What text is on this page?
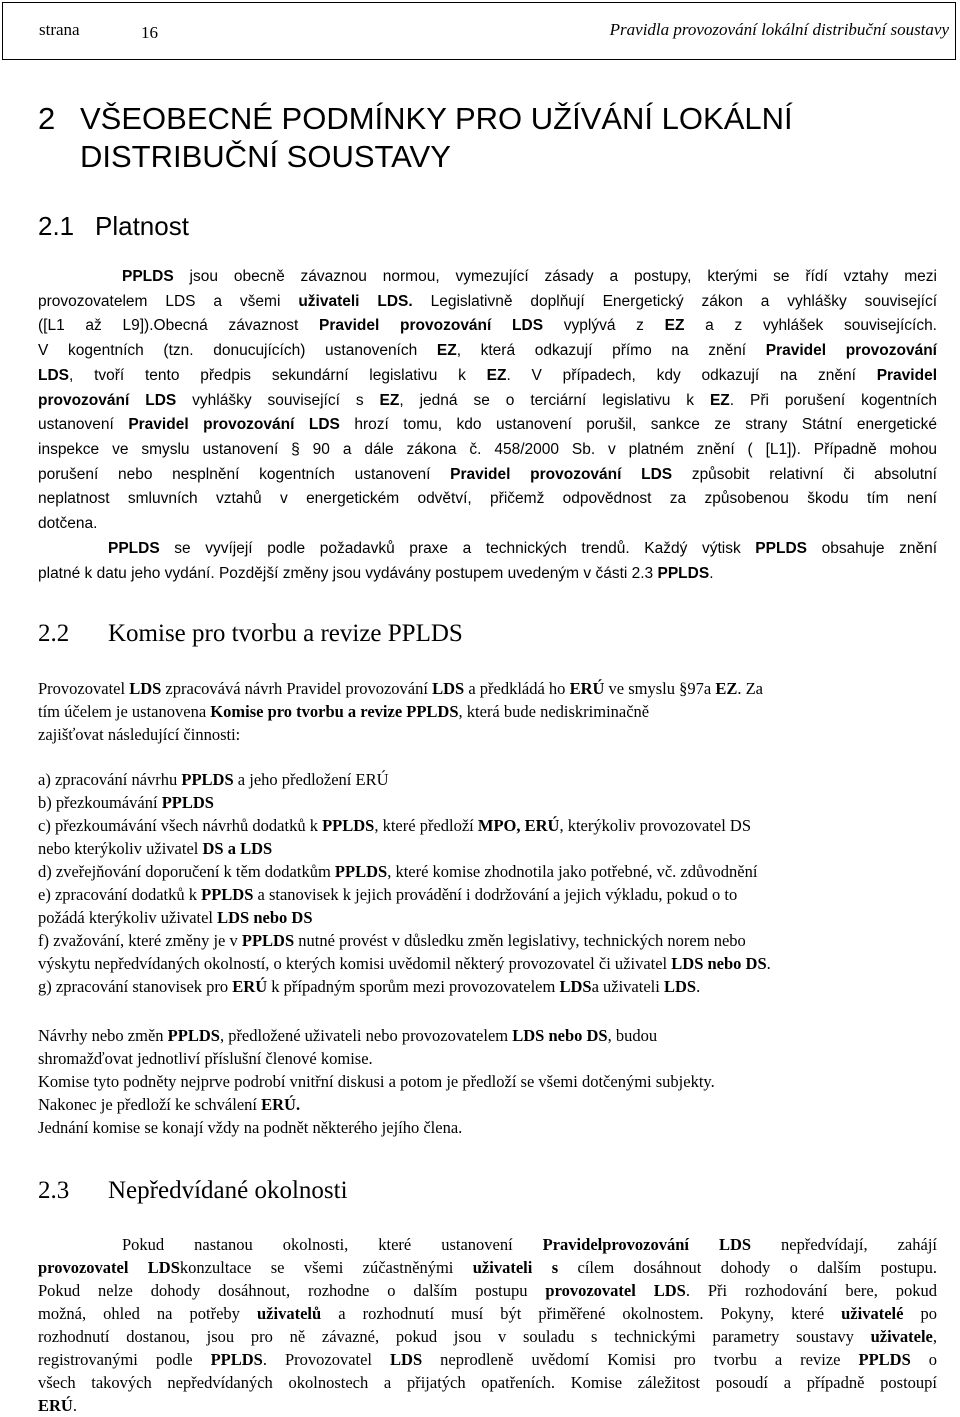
strana	16	Pravidla provozování lokální distribuční soustavy
2 VŠEOBECNÉ PODMÍNKY PRO UŽÍVÁNÍ LOKÁLNÍ
DISTRIBUČNÍ SOUSTAVY
2.1 Platnost
PPLDS jsou obecně závaznou normou, vymezující zásady a postupy, kterými se řídí vztahy mezi
provozovatelem LDS a všemi uživateli LDS. Legislativně doplňují Energetický zákon a vyhlášky související
([L1 až L9]).Obecná závaznost Pravidel provozování LDS vyplývá z EZ a z vyhlášek souvisejících.
V kogentních (tzn. donucujících) ustanoveních EZ, která odkazují přímo na znění Pravidel provozování
LDS, tvoří tento předpis sekundární legislativu k EZ. V případech, kdy odkazují na znění Pravidel
provozování LDS vyhlášky související s EZ, jedná se o terciární legislativu k EZ. Při porušení kogentních
ustanovení Pravidel provozování LDS hrozí tomu, kdo ustanovení porušil, sankce ze strany Státní energetické
inspekce ve smyslu ustanovení § 90 a dále zákona č. 458/2000 Sb. v platném znění ( [L1]). Případně mohou
porušení nebo nesplnění kogentních ustanovení Pravidel provozování LDS způsobit relativní či absolutní
neplatnost smluvních vztahů v energetickém odvětví, přičemž odpovědnost za způsobenou škodu tím není
dotčena.
PPLDS se vyvíjejí podle požadavků praxe a technických trendů. Každý výtisk PPLDS obsahuje znění
platné k datu jeho vydání. Pozdější změny jsou vydávány postupem uvedeným v části 2.3 PPLDS.
2.2 Komise pro tvorbu a revize PPLDS
Provozovatel LDS zpracovává návrh Pravidel provozování LDS a předkládá ho ERÚ ve smyslu §97a EZ. Za
tím účelem je ustanovena Komise pro tvorbu a revize PPLDS, která bude nediskriminačně
zajišťovat následující činnosti:
a) zpracování návrhu PPLDS a jeho předložení ERÚ
b) přezkoumávání PPLDS
c) přezkoumávání všech návrhů dodatků k PPLDS, které předloží MPO, ERÚ, kterýkoliv provozovatel DS
nebo kterýkoliv uživatel DS a LDS
d) zveřejňování doporučení k těm dodatkům PPLDS, které komise zhodnotila jako potřebné, vč. zdůvodnění
e) zpracování dodatků k PPLDS a stanovisek k jejich provádění i dodržování a jejich výkladu, pokud o to
požádá kterýkoliv uživatel LDS nebo DS
f) zvažování, které změny je v PPLDS nutné provést v důsledku změn legislativy, technických norem nebo
výskytu nepředvídaných okolností, o kterých komisi uvědomil některý provozovatel či uživatel LDS nebo DS.
g) zpracování stanovisek pro ERÚ k případným sporům mezi provozovatelem LDSa uživateli LDS.
Návrhy nebo změn PPLDS, předložené uživateli nebo provozovatelem LDS nebo DS, budou
shromažďovat jednotliví příslušní členové komise.
Komise tyto podněty nejprve podrobí vnitřní diskusi a potom je předloží se všemi dotčenými subjekty.
Nakonec je předloží ke schválení ERÚ.
Jednání komise se konají vždy na podnět některého jejího člena.
2.3 Nepředvídané okolnosti
Pokud nastanou okolnosti, které ustanovení Pravidelprovozování LDS nepředvídají, zahájí
provozovatel LDSkonzultace se všemi zúčastněnými uživateli s cílem dosáhnout dohody o dalším postupu.
Pokud nelze dohody dosáhnout, rozhodne o dalším postupu provozovatel LDS. Při rozhodování bere, pokud
možná, ohled na potřeby uživatelů a rozhodnutí musí být přiměřené okolnostem. Pokyny, které uživatelé po
rozhodnutí dostanou, jsou pro ně závazné, pokud jsou v souladu s technickými parametry soustavy uživatele,
registrovanými podle PPLDS. Provozovatel LDS neprodleně uvědomí Komisi pro tvorbu a revize PPLDS o
všech takových nepředvídaných okolnostech a přijatých opatřeních. Komise záležitost posoudí a případně postoupí
ERÚ.
